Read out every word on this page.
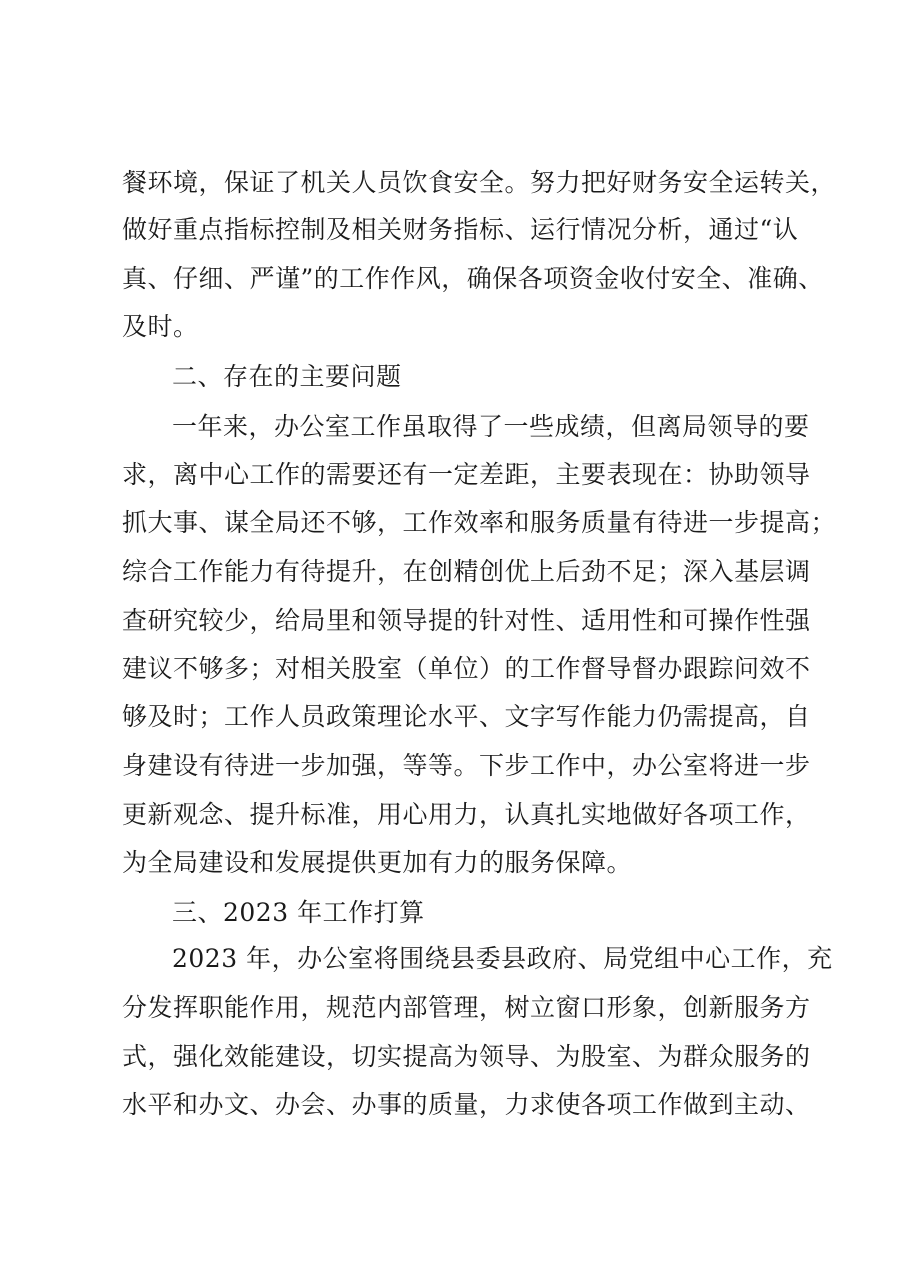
餐环境，保证了机关人员饮食安全。努力把好财务安全运转关，
做好重点指标控制及相关财务指标、运行情况分析，通过“认
真、仔细、严谨”的工作作风，确保各项资金收付安全、准确、
及时。
二、存在的主要问题
一年来，办公室工作虽取得了一些成绩，但离局领导的要
求，离中心工作的需要还有一定差距，主要表现在：协助领导
抓大事、谋全局还不够，工作效率和服务质量有待进一步提高；
综合工作能力有待提升，在创精创优上后劲不足；深入基层调
查研究较少，给局里和领导提的针对性、适用性和可操作性强
建议不够多；对相关股室（单位）的工作督导督办跟踪问效不
够及时；工作人员政策理论水平、文字写作能力仍需提高，自
身建设有待进一步加强，等等。下步工作中，办公室将进一步
更新观念、提升标准，用心用力，认真扎实地做好各项工作，
为全局建设和发展提供更加有力的服务保障。
三、2023 年工作打算
2023 年，办公室将围绕县委县政府、局党组中心工作，充
分发挥职能作用，规范内部管理，树立窗口形象，创新服务方
式，强化效能建设，切实提高为领导、为股室、为群众服务的
水平和办文、办会、办事的质量，力求使各项工作做到主动、
